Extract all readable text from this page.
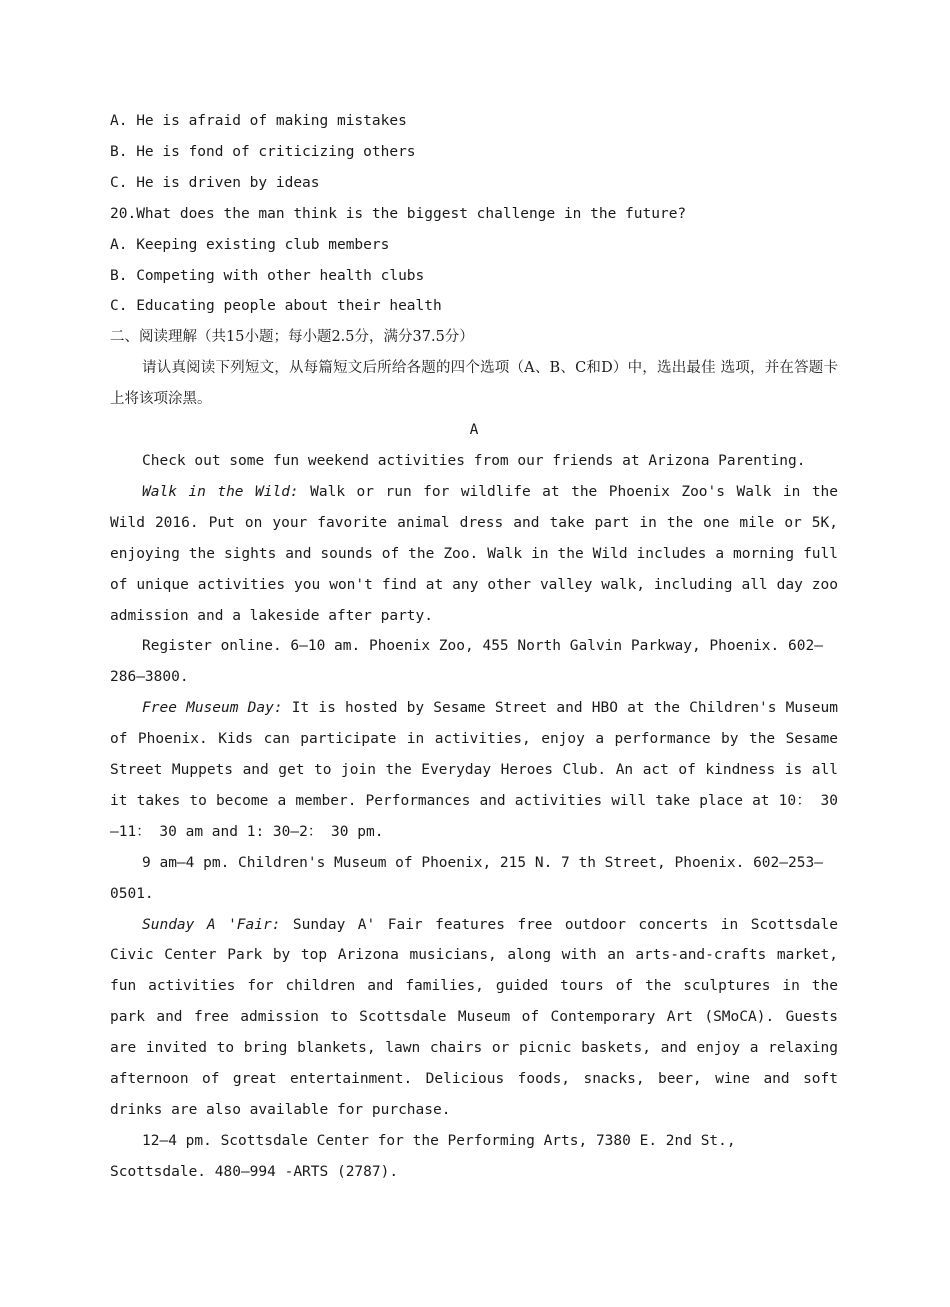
A. He is afraid of making mistakes

B. He is fond of criticizing others

C. He is driven by ideas

20.What does the man think is the biggest challenge in the future?

A. Keeping existing club members

B. Competing with other health clubs

C. Educating people about their health

二、阅读理解（共15小题；每小题2.5分，满分37.5分）

请认真阅读下列短文，从每篇短文后所给各题的四个选项（A、B、C和D）中，选出最佳 选项，并在答题卡上将该项涂黑。

A

Check out some fun weekend activities from our friends at Arizona Parenting.

Walk in the Wild: Walk or run for wildlife at the Phoenix Zoo's Walk in the Wild 2016. Put on your favorite animal dress and take part in the one mile or 5K, enjoying the sights and sounds of the Zoo. Walk in the Wild includes a morning full of unique activities you won't find at any other valley walk, including all day zoo admission and a lakeside after party.

Register online. 6—10 am. Phoenix Zoo, 455 North Galvin Parkway, Phoenix. 602—286—3800.

Free Museum Day: It is hosted by Sesame Street and HBO at the Children's Museum of Phoenix. Kids can participate in activities, enjoy a performance by the Sesame Street Muppets and get to join the Everyday Heroes Club. An act of kindness is all it takes to become a member. Performances and activities will take place at 10： 30—11： 30 am and 1: 30—2： 30 pm.

9 am—4 pm. Children's Museum of Phoenix, 215 N. 7 th Street, Phoenix. 602—253—0501.

Sunday A 'Fair: Sunday A' Fair features free outdoor concerts in Scottsdale Civic Center Park by top Arizona musicians, along with an arts-and-crafts market, fun activities for children and families, guided tours of the sculptures in the park and free admission to Scottsdale Museum of Contemporary Art (SMoCA). Guests are invited to bring blankets, lawn chairs or picnic baskets, and enjoy a relaxing afternoon of great entertainment. Delicious foods, snacks, beer, wine and soft drinks are also available for purchase.

12—4 pm. Scottsdale Center for the Performing Arts, 7380 E. 2nd St., Scottsdale. 480—994 -ARTS (2787).
